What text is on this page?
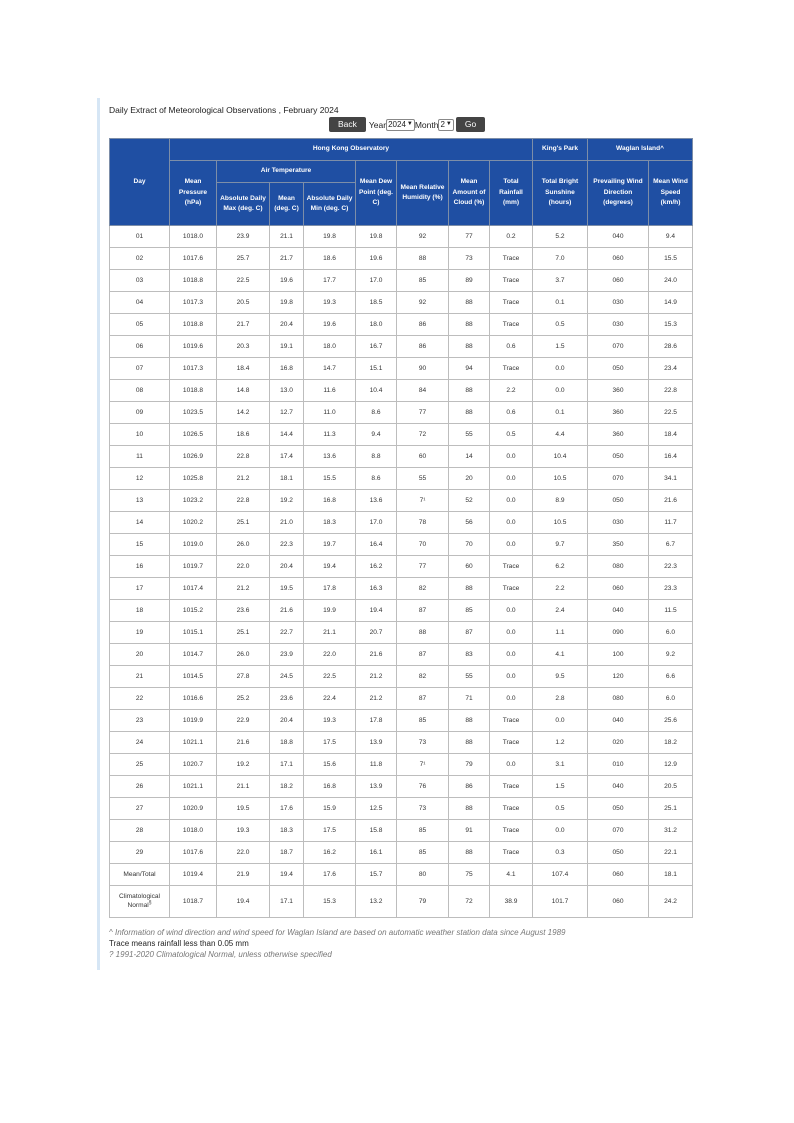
Daily Extract of Meteorological Observations , February 2024
Back	Year 2024 ▼ Month 2 ▼	Go
Day	Hong Kong Observatory								King's Park	Waglan Island^	
	Mean Pressure (hPa)	Air Temperature			Mean Dew Point (deg. C)	Mean Relative Humidity (%)	Mean Amount of Cloud (%)	Total Rainfall (mm)	Total Bright Sunshine (hours)	Prevailing Wind Direction (degrees)	Mean Wind Speed (km/h)
		Absolute Daily Max (deg. C)	Mean (deg. C)	Absolute Daily Min (deg. C)							
01	1018.0	23.9	21.1	19.8	19.8	92	77	0.2	5.2	040	9.4
02	1017.6	25.7	21.7	18.6	19.6	88	73	Trace	7.0	060	15.5
03	1018.8	22.5	19.6	17.7	17.0	85	89	Trace	3.7	060	24.0
04	1017.3	20.5	19.8	19.3	18.5	92	88	Trace	0.1	030	14.9
05	1018.8	21.7	20.4	19.6	18.0	86	88	Trace	0.5	030	15.3
06	1019.6	20.3	19.1	18.0	16.7	86	88	0.6	1.5	070	28.6
07	1017.3	18.4	16.8	14.7	15.1	90	94	Trace	0.0	050	23.4
08	1018.8	14.8	13.0	11.6	10.4	84	88	2.2	0.0	360	22.8
09	1023.5	14.2	12.7	11.0	8.6	77	88	0.6	0.1	360	22.5
10	1026.5	18.6	14.4	11.3	9.4	72	55	0.5	4.4	360	18.4
11	1026.9	22.8	17.4	13.6	8.8	60	14	0.0	10.4	050	16.4
12	1025.8	21.2	18.1	15.5	8.6	55	20	0.0	10.5	070	34.1
13	1023.2	22.8	19.2	16.8	13.6	7¹	52	0.0	8.9	050	21.6
14	1020.2	25.1	21.0	18.3	17.0	78	56	0.0	10.5	030	11.7
15	1019.0	26.0	22.3	19.7	16.4	70	70	0.0	9.7	350	6.7
16	1019.7	22.0	20.4	19.4	16.2	77	60	Trace	6.2	080	22.3
17	1017.4	21.2	19.5	17.8	16.3	82	88	Trace	2.2	060	23.3
18	1015.2	23.6	21.6	19.9	19.4	87	85	0.0	2.4	040	11.5
19	1015.1	25.1	22.7	21.1	20.7	88	87	0.0	1.1	090	6.0
20	1014.7	26.0	23.9	22.0	21.6	87	83	0.0	4.1	100	9.2
21	1014.5	27.8	24.5	22.5	21.2	82	55	0.0	9.5	120	6.6
22	1016.6	25.2	23.6	22.4	21.2	87	71	0.0	2.8	080	6.0
23	1019.9	22.9	20.4	19.3	17.8	85	88	Trace	0.0	040	25.6
24	1021.1	21.6	18.8	17.5	13.9	73	88	Trace	1.2	020	18.2
25	1020.7	19.2	17.1	15.6	11.8	7¹	79	0.0	3.1	010	12.9
26	1021.1	21.1	18.2	16.8	13.9	76	86	Trace	1.5	040	20.5
27	1020.9	19.5	17.6	15.9	12.5	73	88	Trace	0.5	050	25.1
28	1018.0	19.3	18.3	17.5	15.8	85	91	Trace	0.0	070	31.2
29	1017.6	22.0	18.7	16.2	16.1	85	88	Trace	0.3	050	22.1
Mean/Total	1019.4	21.9	19.4	17.6	15.7	80	75	4.1	107.4	060	18.1
Climatological Normal§	1018.7	19.4	17.1	15.3	13.2	79	72	38.9	101.7	060	24.2
^ Information of wind direction and wind speed for Waglan Island are based on automatic weather station data since August 1989
Trace means rainfall less than 0.05 mm
? 1991-2020 Climatological Normal, unless otherwise specified
